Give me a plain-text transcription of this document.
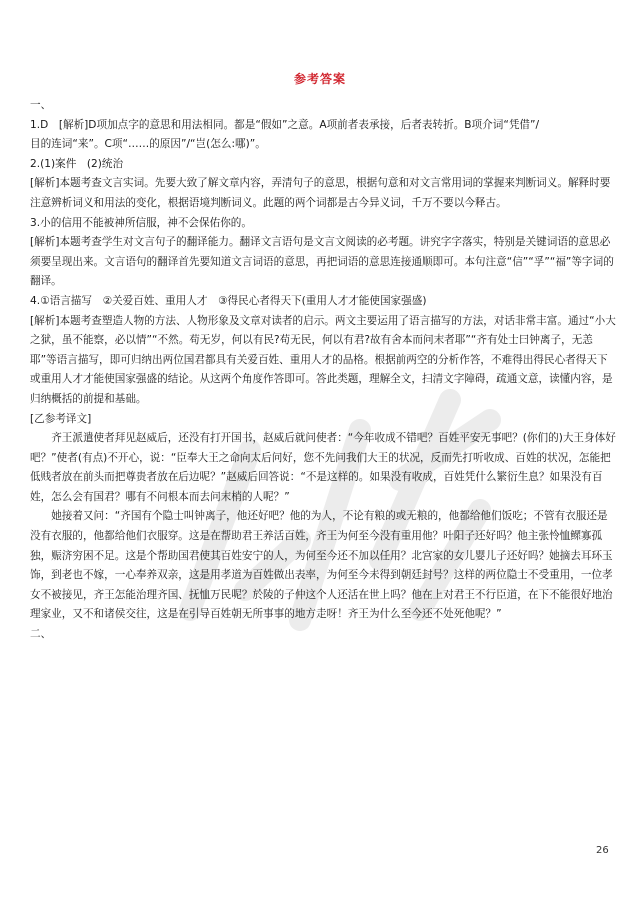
参考答案

一、

1.D　[解析]D项加点字的意思和用法相同。都是“假如”之意。A项前者表承接，后者表转折。B项介词“凭借”/

目的连词“来”。C项“……的原因”/“岂(怎么:哪)”。

2.(1)案件　(2)统治

[解析]本题考查文言实词。先要大致了解文章内容，弄清句子的意思，根据句意和对文言常用词的掌握来判断词义。解释时要注意辨析词义和用法的变化，根据语境判断词义。此题的两个词都是古今异义词，千万不要以今释古。

3.小的信用不能被神所信服，神不会保佑你的。

[解析]本题考查学生对文言句子的翻译能力。翻译文言语句是文言文阅读的必考题。讲究字字落实，特别是关键词语的意思必须要呈现出来。文言语句的翻译首先要知道文言词语的意思，再把词语的意思连接通顺即可。本句注意“信”“孚”“福”等字词的翻译。

4.①语言描写　②关爱百姓、重用人才　③得民心者得天下(重用人才才能使国家强盛)

[解析]本题考查塑造人物的方法、人物形象及文章对读者的启示。两文主要运用了语言描写的方法，对话非常丰富。通过“小大之狱，虽不能察，必以情”“不然。苟无岁，何以有民?苟无民，何以有君?故有舍本而问末者耶”“齐有处士曰钟离子，无恙耶”等语言描写，即可归纳出两位国君都具有关爱百姓、重用人才的品格。根据前两空的分析作答，不难得出得民心者得天下或重用人才才能使国家强盛的结论。从这两个角度作答即可。答此类题，理解全文，扫清文字障碍，疏通文意，读懂内容，是归纳概括的前提和基础。

[乙参考译文]

齐王派遣使者拜见赵威后，还没有打开国书，赵威后就问使者：“今年收成不错吧？百姓平安无事吧？(你们的)大王身体好吧？”使者(有点)不开心，说：“臣奉大王之命向太后问好，您不先问我们大王的状况，反而先打听收成、百姓的状况，怎能把低贱者放在前头而把尊贵者放在后边呢？”赵威后回答说：“不是这样的。如果没有收成，百姓凭什么繁衍生息？如果没有百姓，怎么会有国君？哪有不问根本而去问末梢的人呢？”

她接着又问：“齐国有个隐士叫钟离子，他还好吧？他的为人，不论有粮的或无粮的，他都给他们饭吃；不管有衣服还是没有衣服的，他都给他们衣服穿。这是在帮助君王养活百姓，齐王为何至今没有重用他？叶阳子还好吗？他主张怜恤鳏寡孤独，赈济穷困不足。这是个帮助国君使其百姓安宁的人，为何至今还不加以任用？北宫家的女儿婴儿子还好吗？她摘去耳环玉饰，到老也不嫁，一心奉养双亲，这是用孝道为百姓做出表率，为何至今未得到朝廷封号？这样的两位隐士不受重用，一位孝女不被接见，齐王怎能治理齐国、抚恤万民呢？於陵的子仲这个人还活在世上吗？他在上对君王不行臣道，在下不能很好地治理家业，又不和诸侯交往，这是在引导百姓朝无所事事的地方走呀！齐王为什么至今还不处死他呢？”

二、

26
